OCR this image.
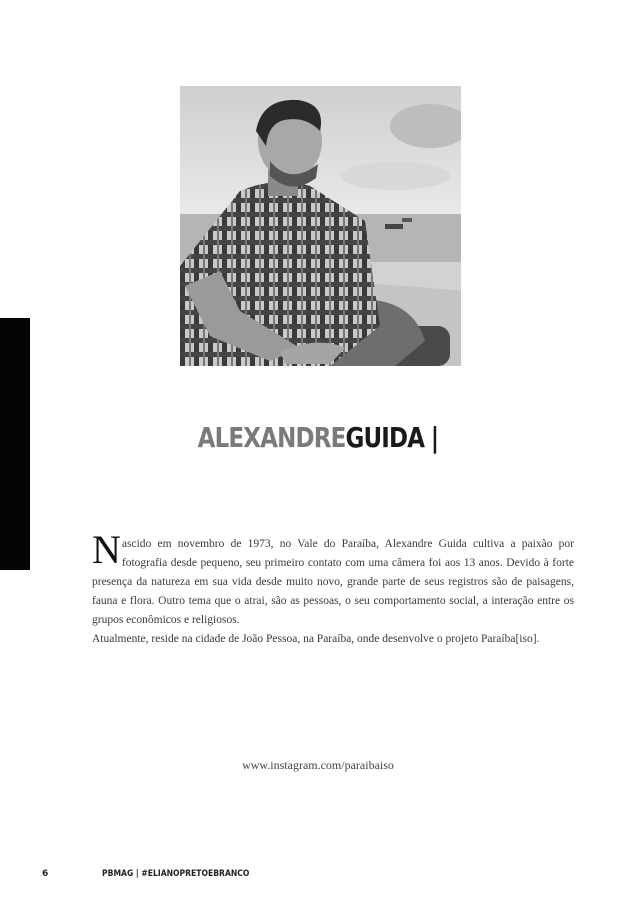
ALEXANDREGUIDA |

Nascido em novembro de 1973, no Vale do Paraíba, Alexandre Guida cultiva a paixão por fotografia desde pequeno, seu primeiro contato com uma câmera foi aos 13 anos. Devido à forte presença da natureza em sua vida desde muito novo, grande parte de seus registros são de paisagens, fauna e flora. Outro tema que o atrai, são as pessoas, o seu comportamento social, a interação entre os grupos econômicos e religiosos.

Atualmente, reside na cidade de João Pessoa, na Paraíba, onde desenvolve o projeto Paraíba[iso].

www.instagram.com/paraibaiso
6	PBMAG | #ELIANOPRETOEBRANCO
